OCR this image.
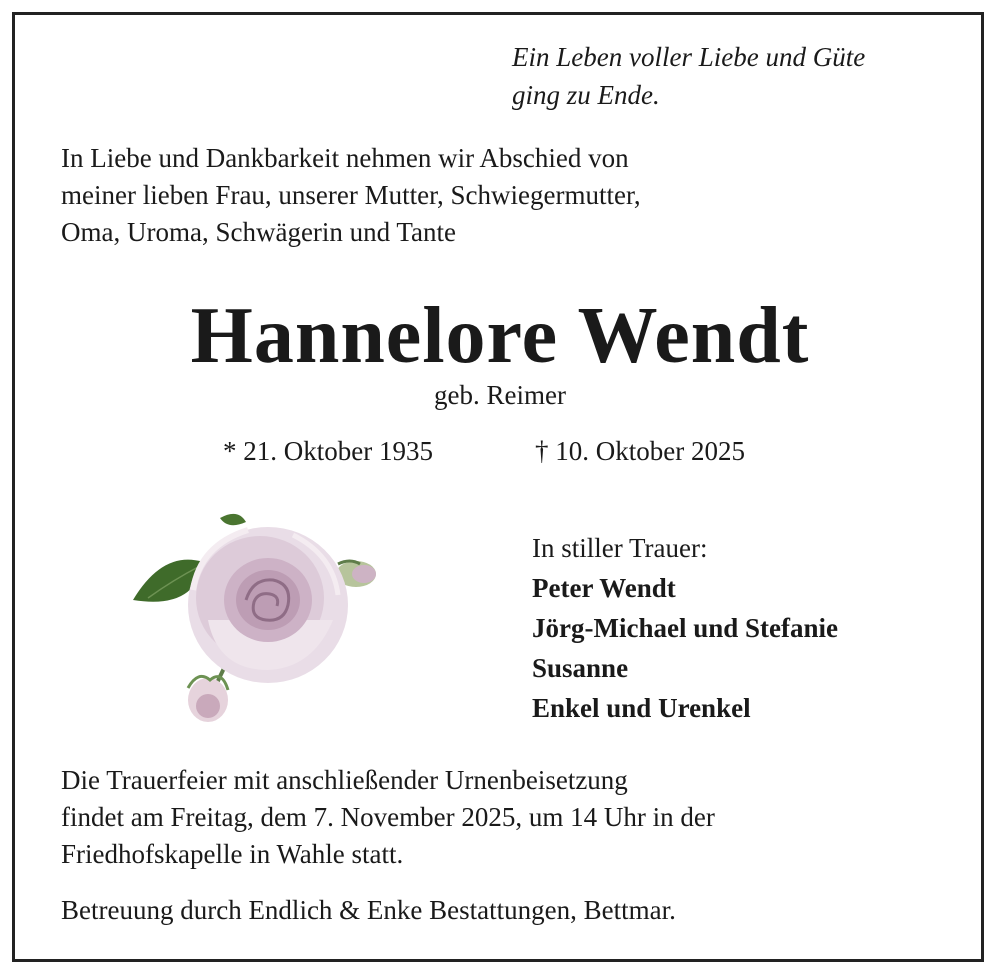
Ein Leben voller Liebe und Güte
ging zu Ende.
In Liebe und Dankbarkeit nehmen wir Abschied von
meiner lieben Frau, unserer Mutter, Schwiegermutter,
Oma, Uroma, Schwägerin und Tante
Hannelore Wendt
geb. Reimer
* 21. Oktober 1935	† 10. Oktober 2025
In stiller Trauer:
Peter Wendt
Jörg-Michael und Stefanie
Susanne
Enkel und Urenkel
Die Trauerfeier mit anschließender Urnenbeisetzung
findet am Freitag, dem 7. November 2025, um 14 Uhr in der
Friedhofskapelle in Wahle statt.
Betreuung durch Endlich & Enke Bestattungen, Bettmar.
